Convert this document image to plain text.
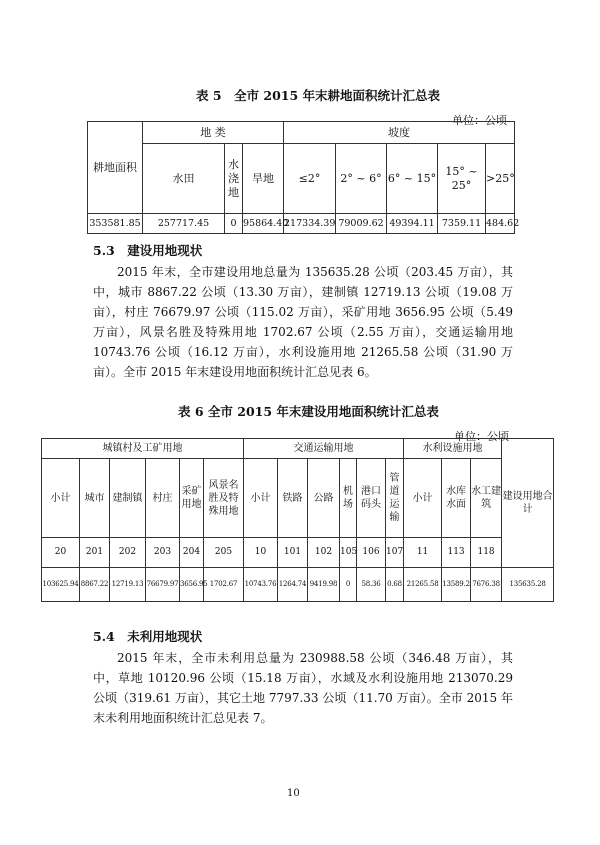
表 5　全市 2015 年末耕地面积统计汇总表
单位：公顷
耕地面积	地 类			坡度				
	水田	水浇地	旱地	≤2°	2° ~ 6°	6° ~ 15°	15° ~ 25°	>25°
353581.85	257717.45	0	95864.40	217334.39	79009.62	49394.11	7359.11	484.62
5.3　建设用地现状

2015 年末，全市建设用地总量为 135635.28 公顷（203.45 万亩），其中，城市 8867.22 公顷（13.30 万亩），建制镇 12719.13 公顷（19.08 万亩），村庄 76679.97 公顷（115.02 万亩），采矿用地 3656.95 公顷（5.49 万亩），风景名胜及特殊用地 1702.67 公顷（2.55 万亩），交通运输用地 10743.76 公顷（16.12 万亩），水利设施用地 21265.58 公顷（31.90 万亩）。全市 2015 年末建设用地面积统计汇总见表 6。

表 6 全市 2015 年末建设用地面积统计汇总表
单位：公顷
城镇村及工矿用地						交通运输用地						水利设施用地			建设用地合计
小计	城市	建制镇	村庄	采矿用地	风景名胜及特殊用地	小计	铁路	公路	机场	港口码头	管道运输	小计	水库水面	水工建筑	
20	201	202	203	204	205	10	101	102	105	106	107	11	113	118	
103625.94	8867.22	12719.13	76679.97	3656.95	1702.67	10743.76	1264.74	9419.98	0	58.36	0.68	21265.58	13589.2	7676.38	135635.28
5.4　未利用地现状

2015 年末，全市未利用总量为 230988.58 公顷（346.48 万亩），其中，草地 10120.96 公顷（15.18 万亩），水域及水利设施用地 213070.29 公顷（319.61 万亩），其它土地 7797.33 公顷（11.70 万亩）。全市 2015 年末未利用地面积统计汇总见表 7。

10
